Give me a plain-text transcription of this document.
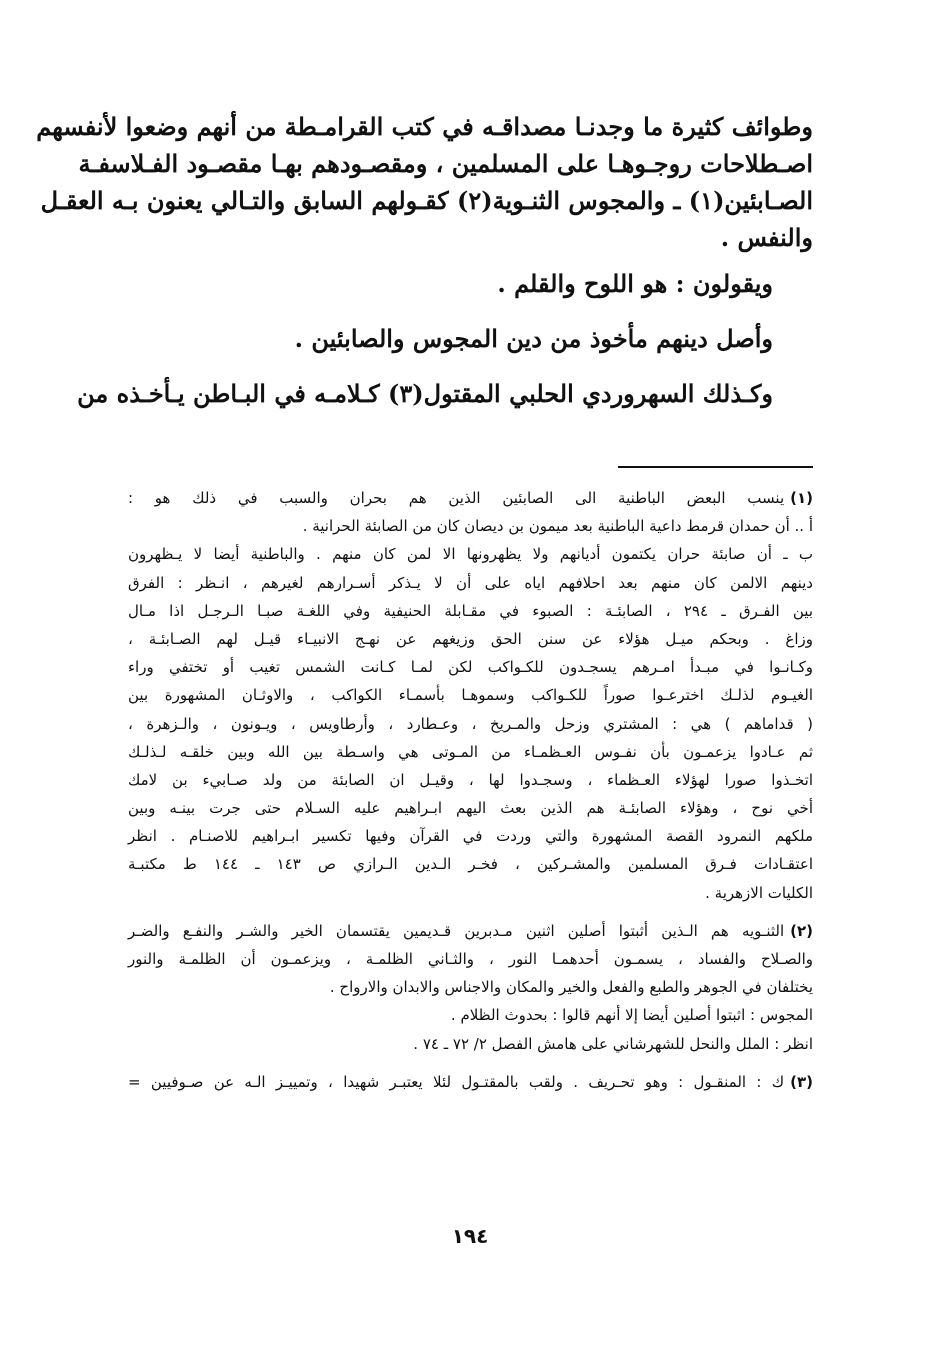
وطوائف كثيرة ما وجدنـا مصداقـه في كتب القرامـطة من أنهم وضعوا لأنفسهم
اصـطلاحات روجـوهـا على المسلمين ، ومقصـودهم بهـا مقصـود الفـلاسفـة
الصـابئين(١) ـ والمجوس الثنـوية(٢) كقـولهم السابق والتـالي يعنون بـه العقـل
والنفس .
ويقولون : هو اللوح والقلم .
وأصل دينهم مأخوذ من دين المجوس والصابئين .
وكـذلك السهروردي الحلبي المقتول(٣) كـلامـه في البـاطن يـأخـذه من
(١)ينسب البعض الباطنية الى الصابئين الذين هم بحران والسبب في ذلك هو :
أ .. أن حمدان قرمط داعية الباطنية بعد ميمون بن ديصان كان من الصابئة الحرانية .
ب ـ أن صابئة حران يكتمون أديانهم ولا يظهرونها الا لمن كان منهم . والباطنية أيضا لا يـظهرون
دينهم الالمن كان منهم بعد احلافهم اياه على أن لا يـذكر أسـرارهم لغيرهم ، انـظر : الفرق
بين الفـرق ـ ٢٩٤ ، الصابئـة : الصبوء في مقـابلة الحنيفية وفي اللغـة صبـا الـرجـل اذا مـال
وزاغ . وبحكم ميـل هؤلاء عن سنن الحق وزيغهم عن نهـج الانبيـاء قيـل لهم الصـابئـة ،
وكـانـوا في مبـدأ امـرهم يسجـدون للكـواكب لكن لمـا كـانت الشمس تغيب أو تختفي وراء
الغيـوم لذلـك اخترعـوا صوراً للكـواكب وسموهـا بأسمـاء الكواكب ، والاوثـان المشهورة بين
( قداماهم ) هي : المشتري وزحل والمـريخ ، وعـطارد ، وأرطاويس ، ويـونون ، والـزهرة ،
ثم عـادوا يزعمـون بأن نفـوس العـظمـاء من المـوتى هي واسـطة بين الله وبين خلقـه لـذلـك
اتخـذوا صورا لهؤلاء العـظماء ، وسجـدوا لها ، وقيـل ان الصابئة من ولد صـابيء بن لامك
أخي نوح ، وهؤلاء الصابئـة هم الذين بعث اليهم ابـراهيم عليه السـلام حتى جرت بينـه وبين
ملكهم النمرود القصة المشهورة والتي وردت في القرآن وفيها تكسير ابـراهيم للاصنـام . انظر
اعتقـادات فـرق المسلمين والمشـركين ، فخـر الـدين الـرازي ص ١٤٣ ـ ١٤٤ ط مكتبـة
الكليات الازهرية .
(٢)الثنـويه هم الـذين أثبتوا أصلين اثنين مـدبرين قـديمين يقتسمان الخير والشـر والنفـع والضـر
والصـلاح والفساد ، يسمـون أحدهمـا النور ، والثـاني الظلمـة ، ويزعمـون أن الظلمـة والنور
يختلفان في الجوهر والطبع والفعل والخير والمكان والاجناس والابدان والارواح .
المجوس : اثبتوا أصلين أيضا إلا أنهم قالوا : بحدوث الظلام .
انظر : الملل والنحل للشهرشاني على هامش الفصل ٢/ ٧٢ ـ ٧٤ .
(٣)ك : المنقـول : وهو تحـريف . ولقب بالمقتـول لئلا يعتبـر شهيدا ، وتمييـز الـه عن صـوفيين =
١٩٤
